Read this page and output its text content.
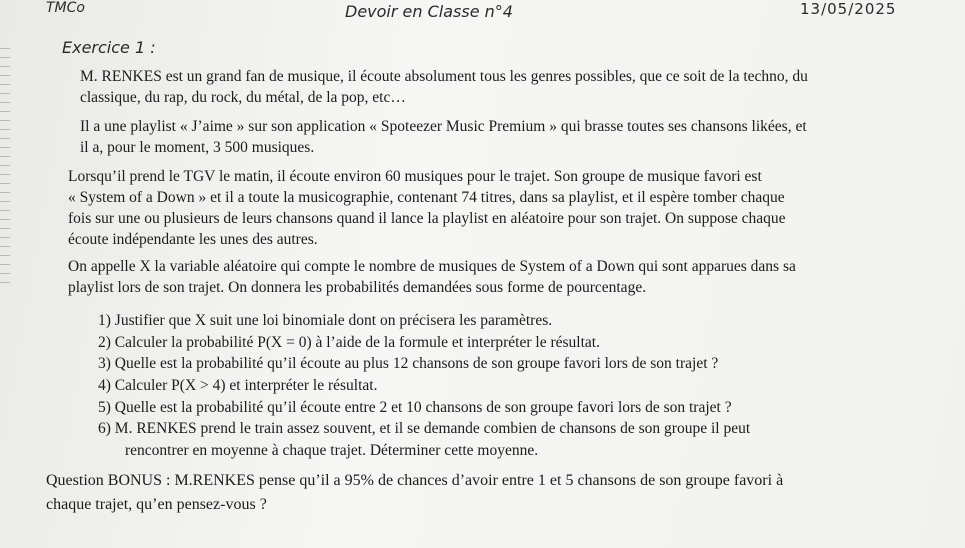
TMCo	Devoir en Classe n°4	13/05/2025
Exercice 1 :

M. RENKES est un grand fan de musique, il écoute absolument tous les genres possibles, que ce soit de la techno, du
classique, du rap, du rock, du métal, de la pop, etc…

Il a une playlist « J’aime » sur son application « Spoteezer Music Premium » qui brasse toutes ses chansons likées, et
il a, pour le moment, 3 500 musiques.

Lorsqu’il prend le TGV le matin, il écoute environ 60 musiques pour le trajet. Son groupe de musique favori est
« System of a Down » et il a toute la musicographie, contenant 74 titres, dans sa playlist, et il espère tomber chaque
fois sur une ou plusieurs de leurs chansons quand il lance la playlist en aléatoire pour son trajet. On suppose chaque
écoute indépendante les unes des autres.

On appelle X la variable aléatoire qui compte le nombre de musiques de System of a Down qui sont apparues dans sa
playlist lors de son trajet. On donnera les probabilités demandées sous forme de pourcentage.

1) Justifier que X suit une loi binomiale dont on précisera les paramètres.
2) Calculer la probabilité P(X = 0) à l’aide de la formule et interpréter le résultat.
3) Quelle est la probabilité qu’il écoute au plus 12 chansons de son groupe favori lors de son trajet ?
4) Calculer P(X > 4) et interpréter le résultat.
5) Quelle est la probabilité qu’il écoute entre 2 et 10 chansons de son groupe favori lors de son trajet ?
6) M. RENKES prend le train assez souvent, et il se demande combien de chansons de son groupe il peut
rencontrer en moyenne à chaque trajet. Déterminer cette moyenne.
Question BONUS : M.RENKES pense qu’il a 95% de chances d’avoir entre 1 et 5 chansons de son groupe favori à
chaque trajet, qu’en pensez-vous ?
